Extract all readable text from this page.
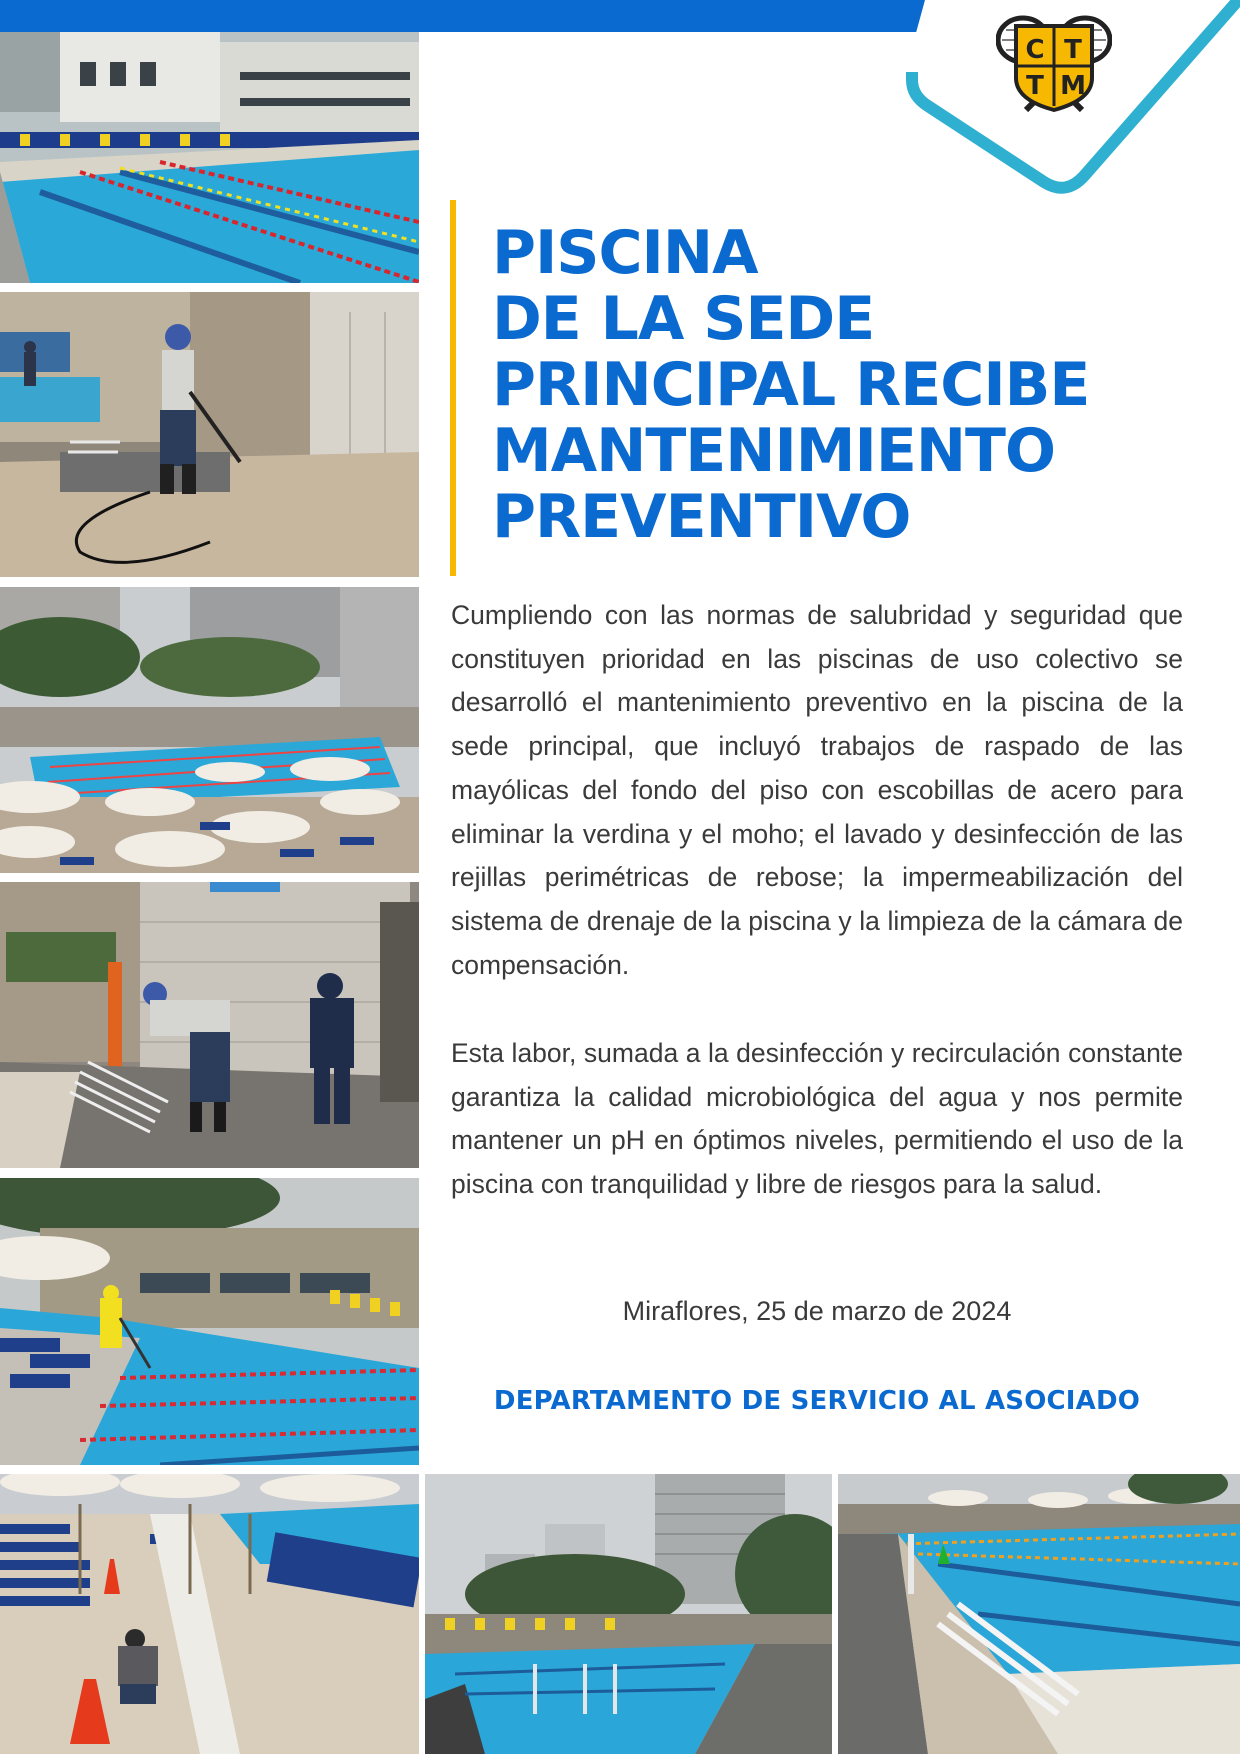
C T
T M
PISCINA
DE LA SEDE
PRINCIPAL RECIBE
MANTENIMIENTO
PREVENTIVO

Cumpliendo con las normas de salubridad y seguridad que constituyen prioridad en las piscinas de uso colectivo se desarrolló el mantenimiento preventivo en la piscina de la sede principal, que incluyó trabajos de raspado de las mayólicas del fondo del piso con escobillas de acero para eliminar la verdina y el moho; el lavado y desinfección de las rejillas perimétricas de rebose; la impermeabilización del sistema de drenaje de la piscina y la limpieza de la cámara de compensación.

Esta labor, sumada a la desinfección y recirculación constante garantiza la calidad microbiológica del agua y nos permite mantener un pH en óptimos niveles, permitiendo el uso de la piscina con tranquilidad y libre de riesgos para la salud.

Miraflores, 25 de marzo de 2024
DEPARTAMENTO DE SERVICIO AL ASOCIADO
